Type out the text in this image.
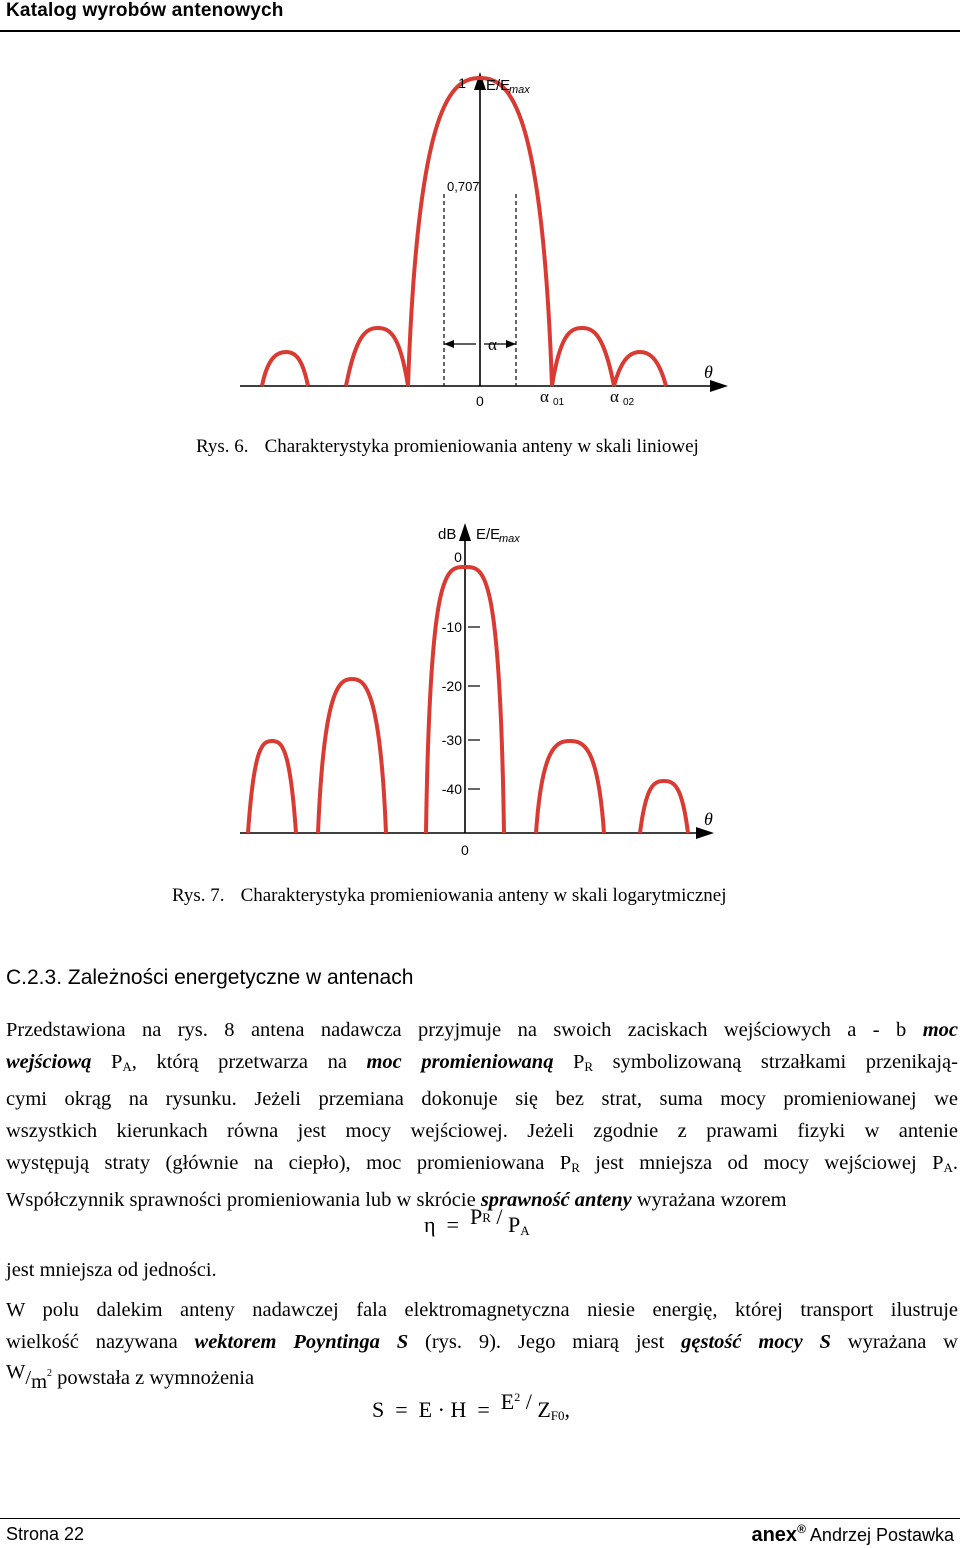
Katalog wyrobów antenowych
1 E/E
max
0,707
α
0	α 01	α 02
θ
Rys. 6. Charakterystyka promieniowania anteny w skali liniowej
dB E/E
max
0
-10
-20
-30
-40
0
θ
Rys. 7. Charakterystyka promieniowania anteny w skali logarytmicznej
C.2.3. Zależności energetyczne w antenach
Przedstawiona na rys. 8 antena nadawcza przyjmuje na swoich zaciskach wejściowych a - b moc
wejściową $P_A$, którą przetwarza na moc promieniowaną $P_R$ symbolizowaną strzałkami przenikają-
cymi okrąg na rysunku. Jeżeli przemiana dokonuje się bez strat, suma mocy promieniowanej we
wszystkich kierunkach równa jest mocy wejściowej. Jeżeli zgodnie z prawami fizyki w antenie
występują straty (głównie na ciepło), moc promieniowana $P_R$ jest mniejsza od mocy wejściowej $P_A$.
Współczynnik sprawności promieniowania lub w skrócie sprawność anteny wyrażana wzorem
η = PR / $P_A$
jest mniejsza od jedności.
W polu dalekim anteny nadawczej fala elektromagnetyczna niesie energię, której transport ilustruje
wielkość nazywana wektorem Poyntinga S (rys. 9). Jego miarą jest gęstość mocy S wyrażana w
$W/m^2$ powstała z wymnożenia
$S = E \cdot H = E^2 / Z_{F0}$,
Strona 22	anex® Andrzej Postawka
